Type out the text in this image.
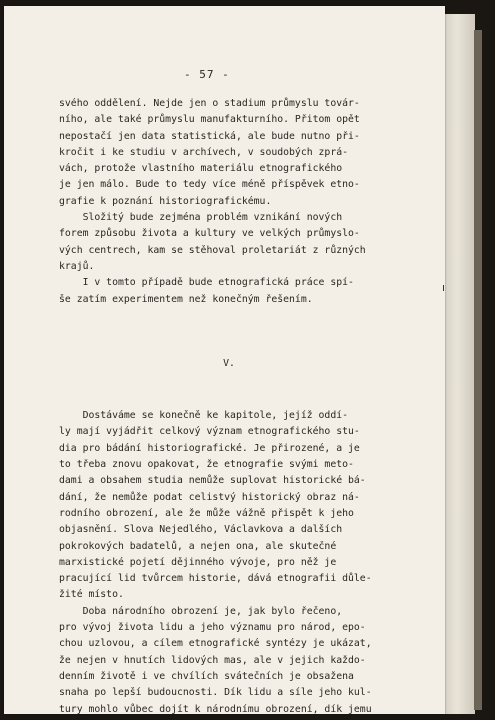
- 57 -
svého oddělení. Nejde jen o stadium průmyslu továr-
ního, ale také průmyslu manufakturního. Přitom opět
nepostačí jen data statistická, ale bude nutno při-
kročit i ke studiu v archívech, v soudobých zprá-
vách, protože vlastního materiálu etnografického
je jen málo. Bude to tedy více méně příspěvek etno-
grafie k poznání historiografickému.
Složitý bude zejména problém vznikání nových
forem způsobu života a kultury ve velkých průmyslo-
vých centrech, kam se stěhoval proletariát z různých
krajů.
I v tomto případě bude etnografická práce spí-
še zatím experimentem než konečným řešením.
V.
Dostáváme se konečně ke kapitole, jejíž oddí-
ly mají vyjádřit celkový význam etnografického stu-
dia pro bádání historiografické. Je přirozené, a je
to třeba znovu opakovat, že etnografie svými meto-
dami a obsahem studia nemůže suplovat historické bá-
dání, že nemůže podat celistvý historický obraz ná-
rodního obrození, ale že může vážně přispět k jeho
objasnění. Slova Nejedlého, Václavkova a dalších
pokrokových badatelů, a nejen ona, ale skutečné
marxistické pojetí dějinného vývoje, pro něž je
pracující lid tvůrcem historie, dává etnografii důle-
žité místo.
Doba národního obrození je, jak bylo řečeno,
pro vývoj života lidu a jeho významu pro národ, epo-
chou uzlovou, a cílem etnografické syntézy je ukázat,
že nejen v hnutích lidových mas, ale v jejich každo-
denním životě i ve chvílích svátečních je obsažena
snaha po lepší budoucnosti. Dík lidu a síle jeho kul-
tury mohlo vůbec dojít k národnímu obrození, dík jemu
